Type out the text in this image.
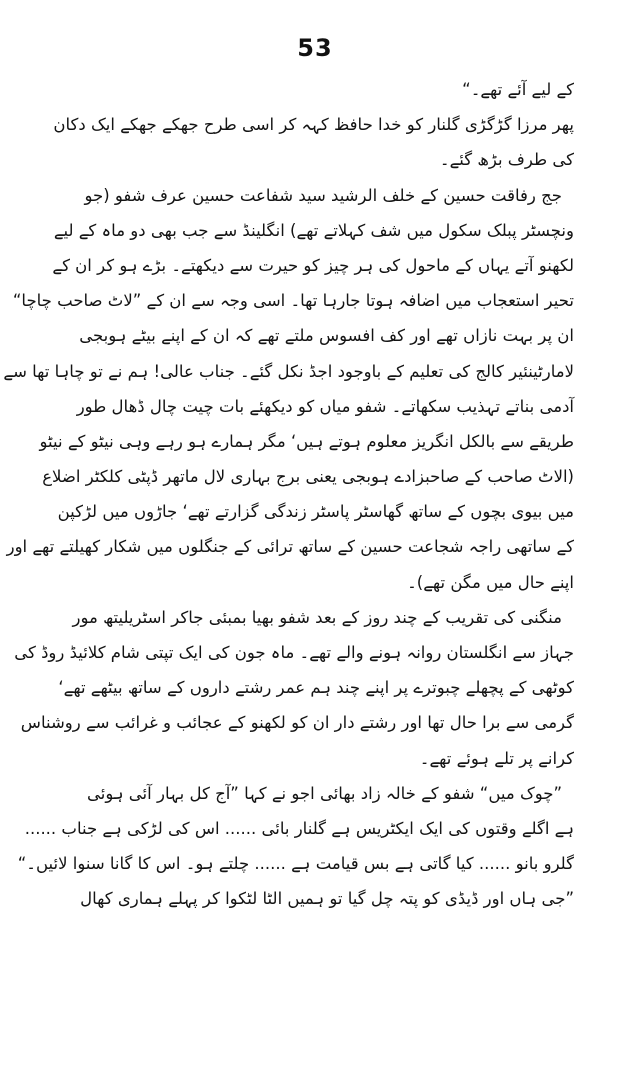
53
کے لیے آئے تھے۔“
پھر مرزا گڑگڑی گلنار کو خدا حافظ کہہ کر اسی طرح جھکے جھکے ایک دکان
کی طرف بڑھ گئے۔
جج رفاقت حسین کے خلف الرشید سید شفاعت حسین عرف شفو (جو
ونچسٹر پبلک سکول میں شف کہلاتے تھے) انگلینڈ سے جب بھی دو ماہ کے لیے
لکھنو آتے یہاں کے ماحول کی ہر چیز کو حیرت سے دیکھتے۔ بڑے ہو کر ان کے
تحیر استعجاب میں اضافہ ہوتا جارہا تھا۔ اسی وجہ سے ان کے ”لاٹ صاحب چاچا“
ان پر بہت نازاں تھے اور کف افسوس ملتے تھے کہ ان کے اپنے بیٹے ہوبجی
لامارٹینئیر کالج کی تعلیم کے باوجود اجڈ نکل گئے۔ جناب عالی! ہم نے تو چاہا تھا سے
آدمی بناتے تہذیب سکھاتے۔ شفو میاں کو دیکھئے بات چیت چال ڈھال طور
طریقے سے بالکل انگریز معلوم ہوتے ہیں‘ مگر ہمارے ہو رہے وہی نیٹو کے نیٹو
(الاٹ صاحب کے صاحبزادے ہوبجی یعنی برج بہاری لال ماتھر ڈپٹی کلکٹر اضلاع
میں بیوی بچوں کے ساتھ گھاسٹر پاسٹر زندگی گزارتے تھے‘ جاڑوں میں لڑکپن
کے ساتھی راجہ شجاعت حسین کے ساتھ ترائی کے جنگلوں میں شکار کھیلتے تھے اور
اپنے حال میں مگن تھے)۔
منگنی کی تقریب کے چند روز کے بعد شفو بھیا بمبئی جاکر اسٹریلیتھ مور
جہاز سے انگلستان روانہ ہونے والے تھے۔ ماہ جون کی ایک تپتی شام کلائیڈ روڈ کی
کوٹھی کے پچھلے چبوترے پر اپنے چند ہم عمر رشتے داروں کے ساتھ بیٹھے تھے‘
گرمی سے برا حال تھا اور رشتے دار ان کو لکھنو کے عجائب و غرائب سے روشناس
کرانے پر تلے ہوئے تھے۔
”چوک میں“ شفو کے خالہ زاد بھائی اجو نے کہا ”آج کل بہار آئی ہوئی
ہے اگلے وقتوں کی ایک ایکٹریس ہے گلنار بائی ...... اس کی لڑکی ہے جناب ......
گلرو بانو ...... کیا گاتی ہے بس قیامت ہے ...... چلتے ہو۔ اس کا گانا سنوا لائیں۔“
”جی ہاں اور ڈیڈی کو پتہ چل گیا تو ہمیں الٹا لٹکوا کر پہلے ہماری کھال
